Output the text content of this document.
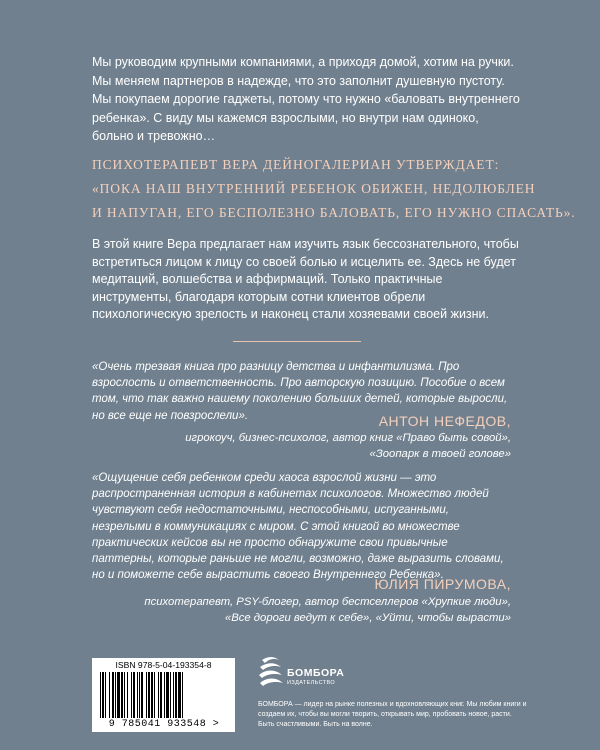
Мы руководим крупными компаниями, а приходя домой, хотим на ручки. Мы меняем партнеров в надежде, что это заполнит душевную пустоту. Мы покупаем дорогие гаджеты, потому что нужно «баловать внутреннего ребенка». С виду мы кажемся взрослыми, но внутри нам одиноко, больно и тревожно…

ПСИХОТЕРАПЕВТ ВЕРА ДЕЙНОГАЛЕРИАН УТВЕРЖДАЕТ:
«ПОКА НАШ ВНУТРЕННИЙ РЕБЕНОК ОБИЖЕН, НЕДОЛЮБЛЕН
И НАПУГАН, ЕГО БЕСПОЛЕЗНО БАЛОВАТЬ, ЕГО НУЖНО СПАСАТЬ».
В этой книге Вера предлагает нам изучить язык бессознательного, чтобы встретиться лицом к лицу со своей болью и исцелить ее. Здесь не будет медитаций, волшебства и аффирмаций. Только практичные инструменты, благодаря которым сотни клиентов обрели психологическую зрелость и наконец стали хозяевами своей жизни.
«Очень трезвая книга про разницу детства и инфантилизма. Про взрослость и ответственность. Про авторскую позицию. Пособие о всем том, что так важно нашему поколению больших детей, которые выросли, но все еще не повзрослели».	АНТОН НЕФЕДОВ,
игрокоуч, бизнес-психолог, автор книг «Право быть совой»,
«Зоопарк в твоей голове»
«Ощущение себя ребенком среди хаоса взрослой жизни — это распространенная история в кабинетах психологов. Множество людей чувствуют себя недостаточными, неспособными, испуганными, незрелыми в коммуникациях с миром. С этой книгой во множестве практических кейсов вы не просто обнаружите свои привычные паттерны, которые раньше не могли, возможно, даже выразить словами, но и поможете себе вырастить своего Внутреннего Ребенка».
ЮЛИЯ ПИРУМОВА,
психотерапевт, PSY-блогер, автор бестселлеров «Хрупкие люди»,
«Все дороги ведут к себе», «Уйти, чтобы вырасти»
ISBN 978-5-04-193354-8
9 785041 933548 >
БОМБОРА
ИЗДАТЕЛЬСТВО
БОМБОРА — лидер на рынке полезных и вдохновляющих книг. Мы любим книги и создаем их, чтобы вы могли творить, открывать мир, пробовать новое, расти. Быть счастливыми. Быть на волне.
